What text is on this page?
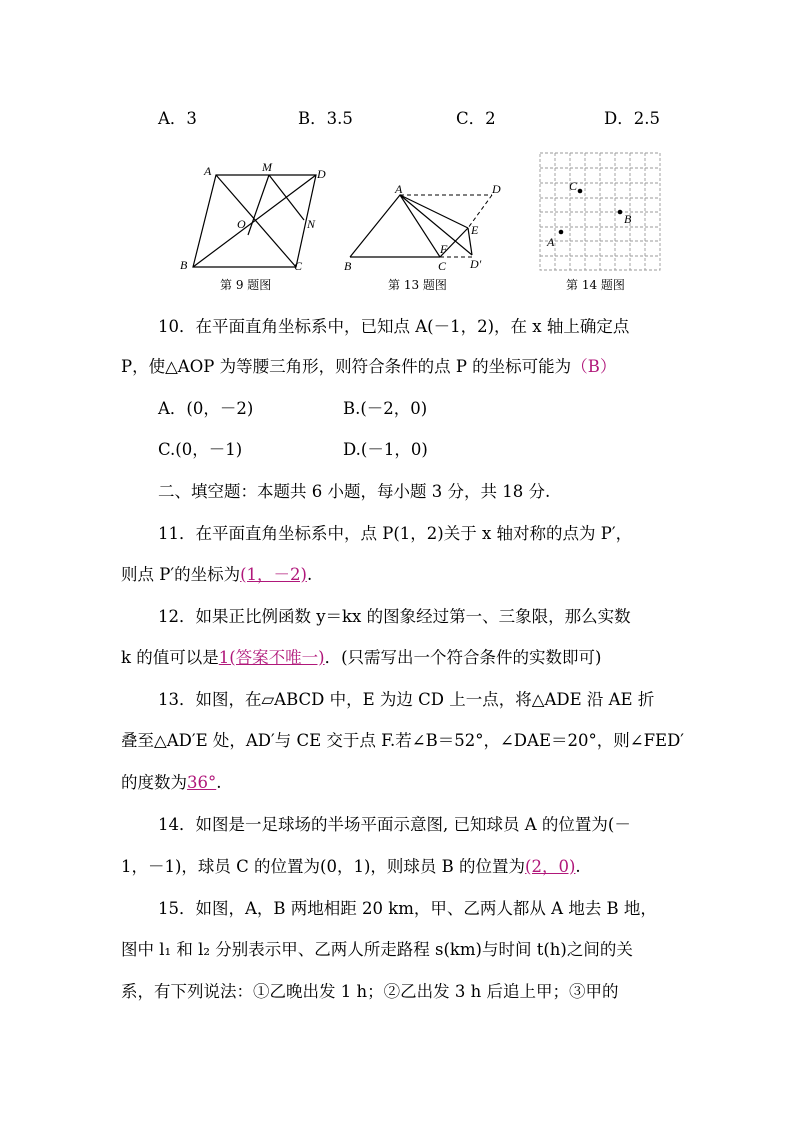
A．3	B．3.5	C．2	D．2.5
A	M	D
O	N
B	C
第 9 题图
A	D
E
F
B	C D′
第 13 题图
C
B
A
第 14 题图
10．在平面直角坐标系中，已知点 A(－1，2)，在 x 轴上确定点
P，使△AOP 为等腰三角形，则符合条件的点 P 的坐标可能为（B）
A．(0，－2)	B.(－2，0)
C.(0，－1)	D.(－1，0)
二、填空题：本题共 6 小题，每小题 3 分，共 18 分.
11．在平面直角坐标系中，点 P(1，2)关于 x 轴对称的点为 P′，
则点 P′的坐标为(1，－2).
12．如果正比例函数 y＝kx 的图象经过第一、三象限，那么实数
k 的值可以是1(答案不唯一)．(只需写出一个符合条件的实数即可)
13．如图，在▱ABCD 中，E 为边 CD 上一点，将△ADE 沿 AE 折
叠至△AD′E 处，AD′与 CE 交于点 F.若∠B＝52°，∠DAE＝20°，则∠FED′
的度数为36°.
14．如图是一足球场的半场平面示意图, 已知球员 A 的位置为(－
1，－1)，球员 C 的位置为(0，1)，则球员 B 的位置为(2，0).
15．如图，A，B 两地相距 20 km，甲、乙两人都从 A 地去 B 地，
图中 l₁ 和 l₂ 分别表示甲、乙两人所走路程 s(km)与时间 t(h)之间的关
系，有下列说法：①乙晚出发 1 h；②乙出发 3 h 后追上甲；③甲的
